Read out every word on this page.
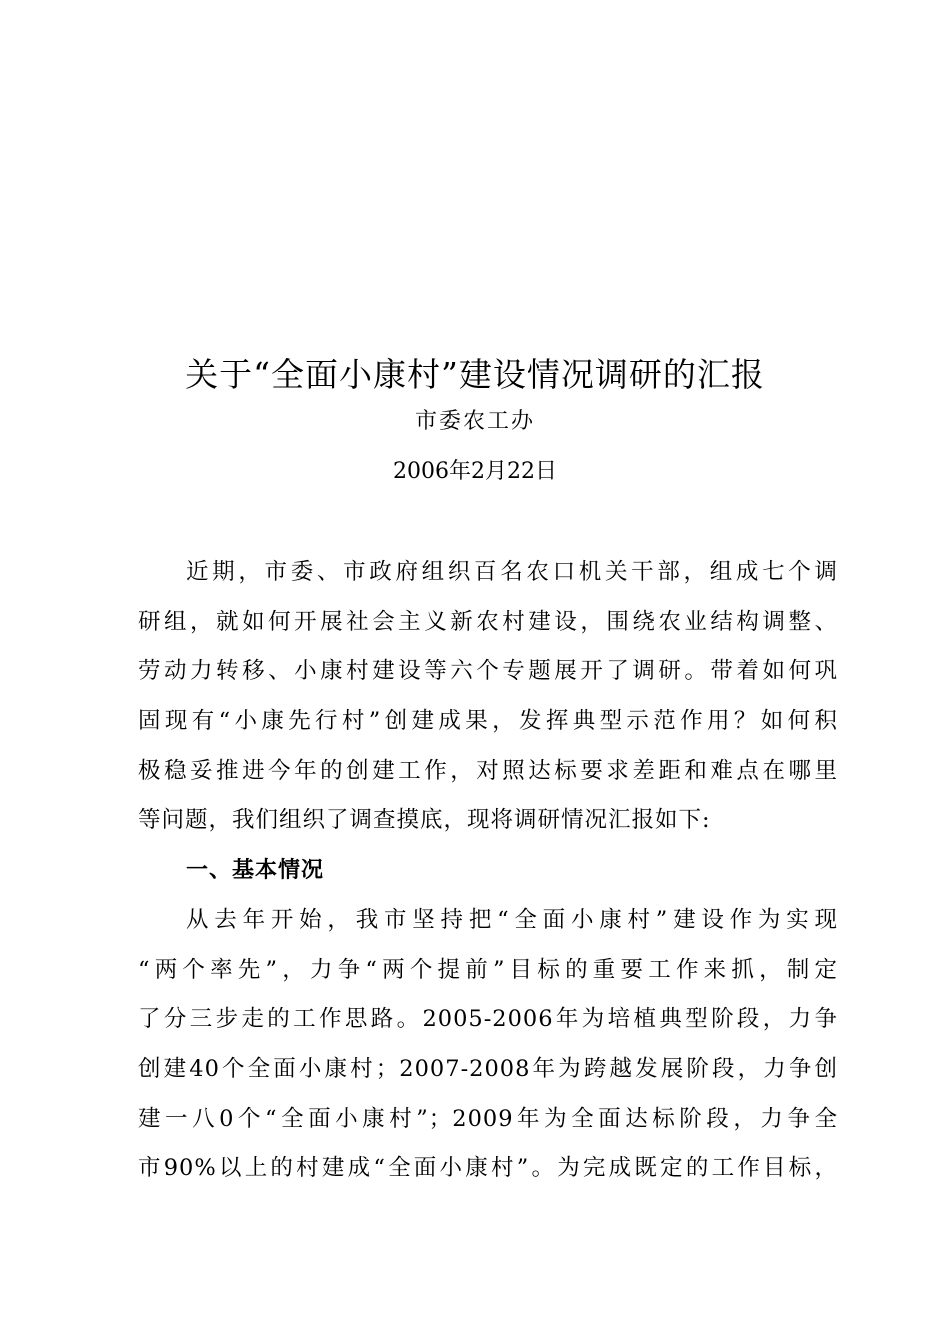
关于“全面小康村”建设情况调研的汇报
市委农工办
2006年2月22日
近期，市委、市政府组织百名农口机关干部，组成七个调
研组，就如何开展社会主义新农村建设，围绕农业结构调整、
劳动力转移、小康村建设等六个专题展开了调研。带着如何巩
固现有“小康先行村”创建成果，发挥典型示范作用？如何积
极稳妥推进今年的创建工作，对照达标要求差距和难点在哪里
等问题，我们组织了调查摸底，现将调研情况汇报如下:
一、基本情况
从去年开始，我市坚持把“全面小康村”建设作为实现
“两个率先”，力争“两个提前”目标的重要工作来抓，制定
了分三步走的工作思路。2005-2006年为培植典型阶段，力争
创建40个全面小康村；2007-2008年为跨越发展阶段，力争创
建一八0个“全面小康村”；2009年为全面达标阶段，力争全
市90%以上的村建成“全面小康村”。为完成既定的工作目标，
